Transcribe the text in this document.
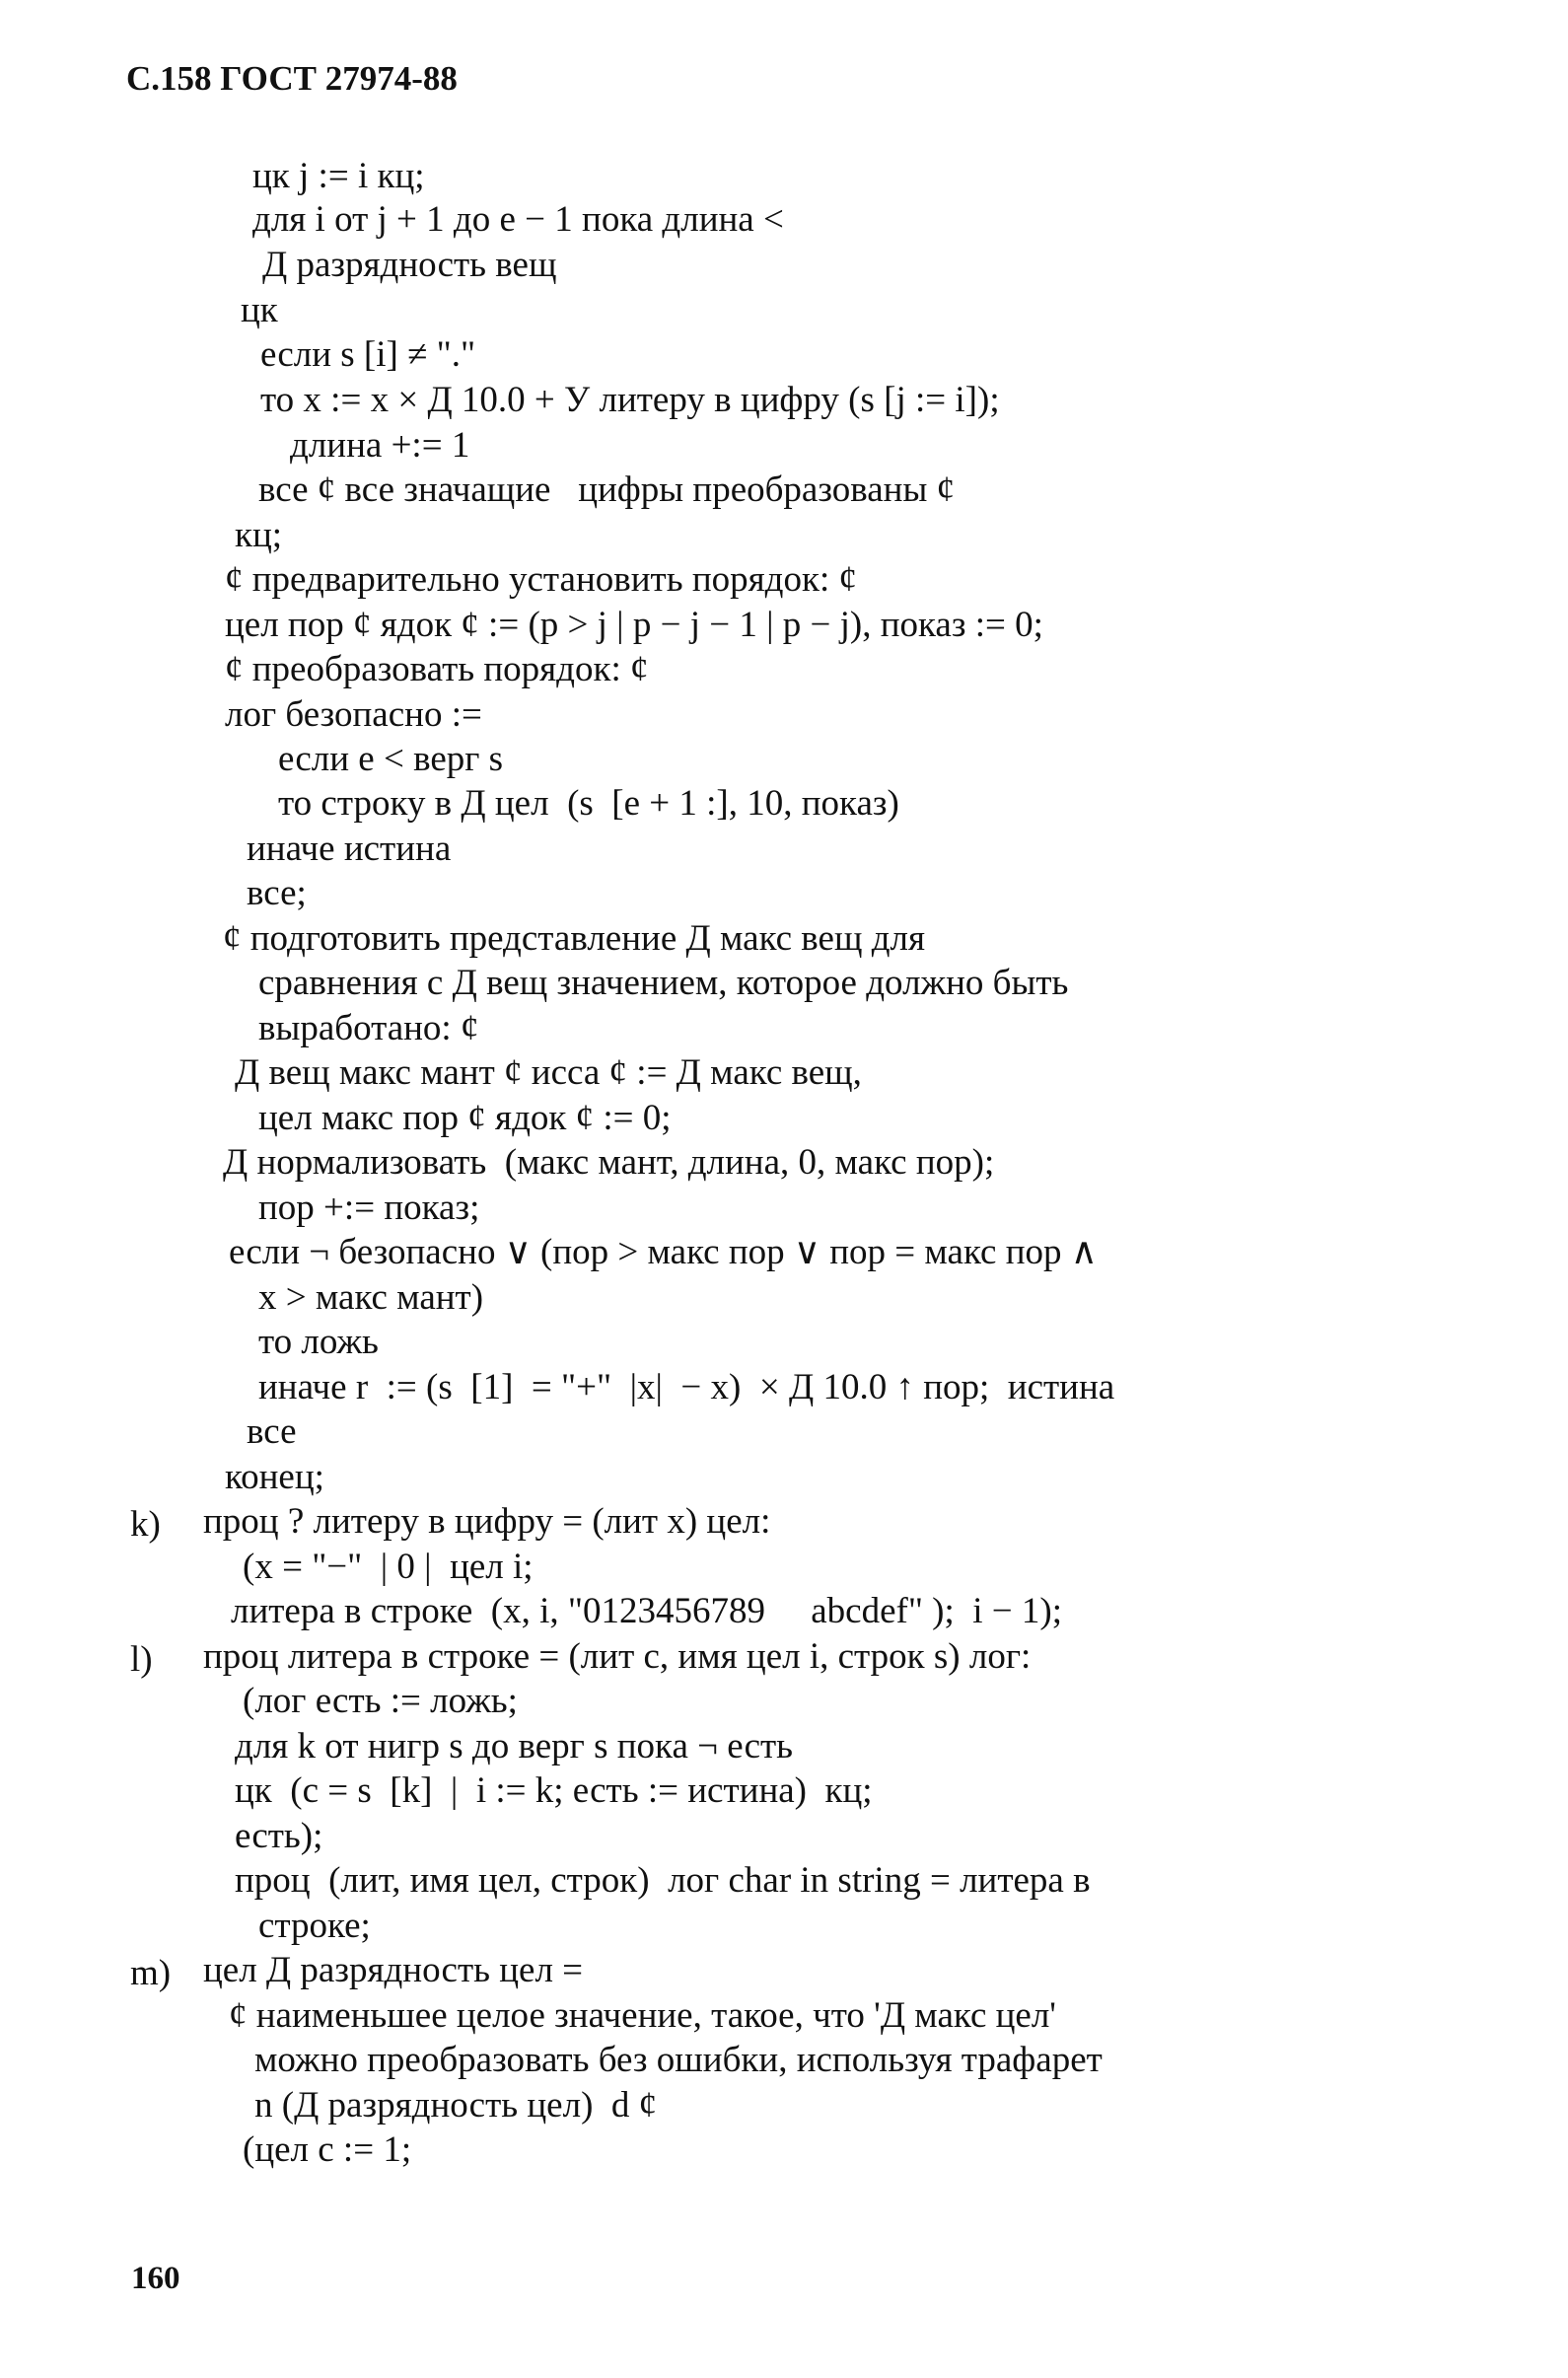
С.158 ГОСТ 27974-88
цк j := i кц;
для i от j + 1 до e − 1 пока длина <
Д разрядность вещ
цк
если s [i] ≠ "."
то x := x × Д 10.0 + У литеру в цифру (s [j := i]);
длина +:= 1
все ¢ все значащие   цифры преобразованы ¢
кц;
¢ предварительно установить порядок: ¢
цел пор ¢ ядок ¢ := (p > j | p − j − 1 | p − j), показ := 0;
¢ преобразовать порядок: ¢
лог безопасно :=
если e < верг s
то строку в Д цел  (s  [e + 1 :], 10, показ)
иначе истина
все;
¢ подготовить представление Д макс вещ для
сравнения с Д вещ значением, которое должно быть
выработано: ¢
Д вещ макс мант ¢ исса ¢ := Д макс вещ,
цел макс пор ¢ ядок ¢ := 0;
Д нормализовать  (макс мант, длина, 0, макс пор);
пор +:= показ;
если ¬ безопасно ∨ (пор > макс пор ∨ пор = макс пор ∧
x > макс мант)
то ложь
иначе r  := (s  [1]  = "+"  |x|  − x)  × Д 10.0 ↑ пор;  истина
все
конец;
k) проц ? литеру в цифру = (лит x) цел:
(x = "−"  | 0 |  цел i;
литера в строке  (x, i, "0123456789     abcdef" );  i − 1);
l) проц литера в строке = (лит c, имя цел i, строк s) лог:
(лог есть := ложь;
для k от нигр s до верг s пока ¬ есть
цк  (c = s  [k]  |  i := k; есть := истина)  кц;
есть);
проц  (лит, имя цел, строк)  лог char in string = литера в
строке;
m) цел Д разрядность цел =
¢ наименьшее целое значение, такое, что 'Д макс цел'
можно преобразовать без ошибки, используя трафарет
n (Д разрядность цел)  d ¢
(цел c := 1;
160
